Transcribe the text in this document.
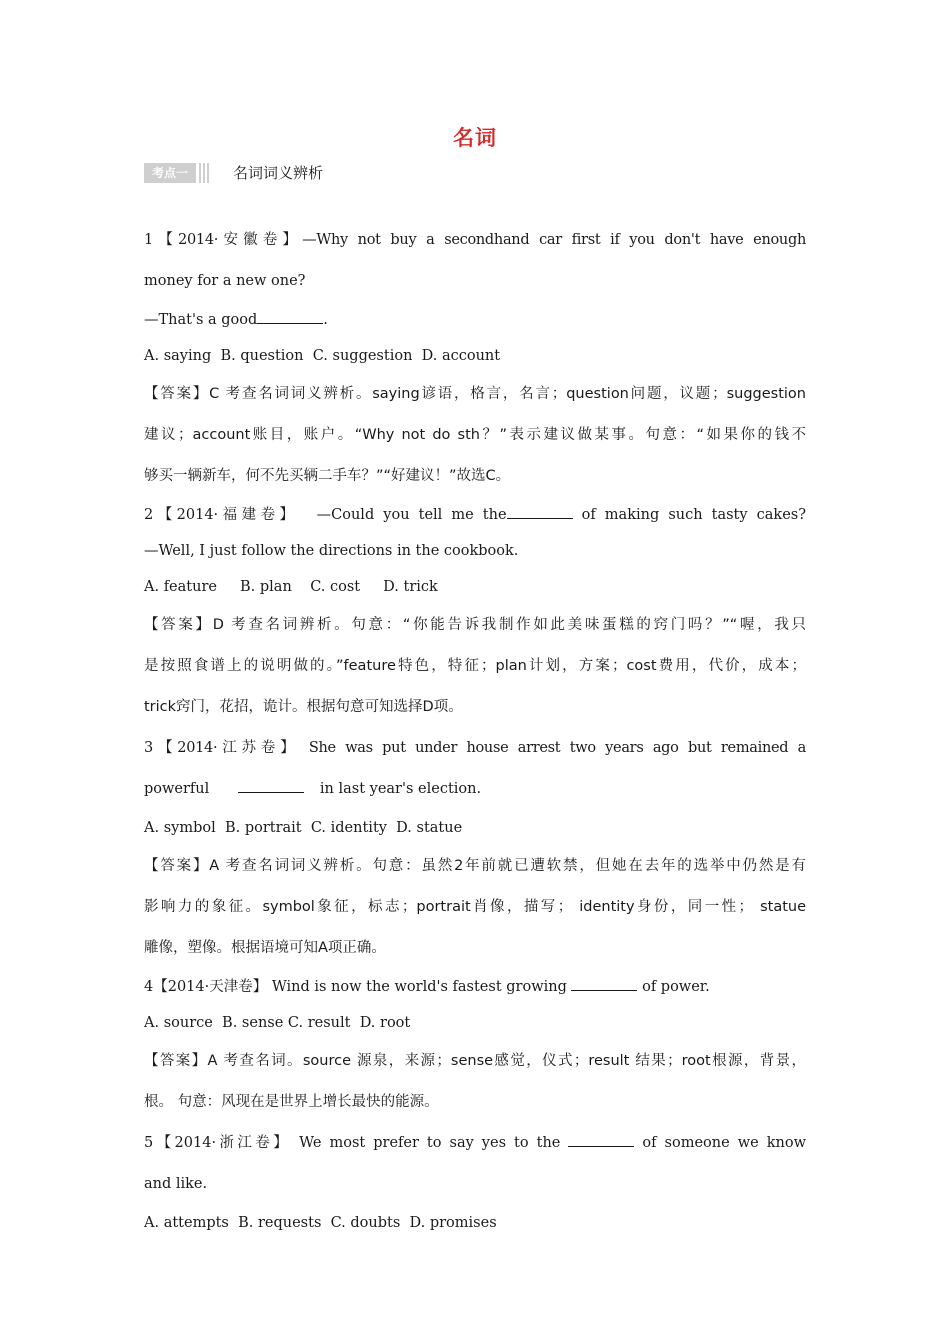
名词
考点一	名词词义辨析
1【2014·安徽卷】—Why not buy a secondhand car first if you don't have enough
money for a new one?
—That's a good	.
A. saying  B. question  C. suggestion  D. account
【答案】C 考查名词词义辨析。saying谚语，格言，名言；question问题，议题；suggestion
建议；account账目，账户。“Why not do sth？”表示建议做某事。句意：“如果你的钱不
够买一辆新车，何不先买辆二手车？”“好建议！”故选C。
2【2014·福建卷】  —Could you tell me the	of making such tasty cakes?
—Well, I just follow the directions in the cookbook.
A. feature     B. plan    C. cost     D. trick
【答案】D 考查名词辨析。句意：“你能告诉我制作如此美味蛋糕的窍门吗？”“喔，我只
是按照食谱上的说明做的。”feature特色，特征；plan计划，方案；cost费用，代价，成本；
trick窍门，花招，诡计。根据句意可知选择D项。
3【2014·江苏卷】 She was put under house arrest two years ago but remained a
powerful	in last year's election.
A. symbol  B. portrait  C. identity  D. statue
【答案】A 考查名词词义辨析。句意：虽然2年前就已遭软禁，但她在去年的选举中仍然是有
影响力的象征。symbol象征，标志；portrait肖像，描写； identity身份，同一性； statue
雕像，塑像。根据语境可知A项正确。
4【2014·天津卷】 Wind is now the world's fastest growing	of power.
A. source  B. sense C. result  D. root
【答案】A 考查名词。source 源泉，来源；sense感觉，仪式；result 结果；root根源，背景，
根。 句意：风现在是世界上增长最快的能源。
5【2014·浙江卷】 We most prefer to say yes to the	of someone we know
and like.
A. attempts  B. requests  C. doubts  D. promises
